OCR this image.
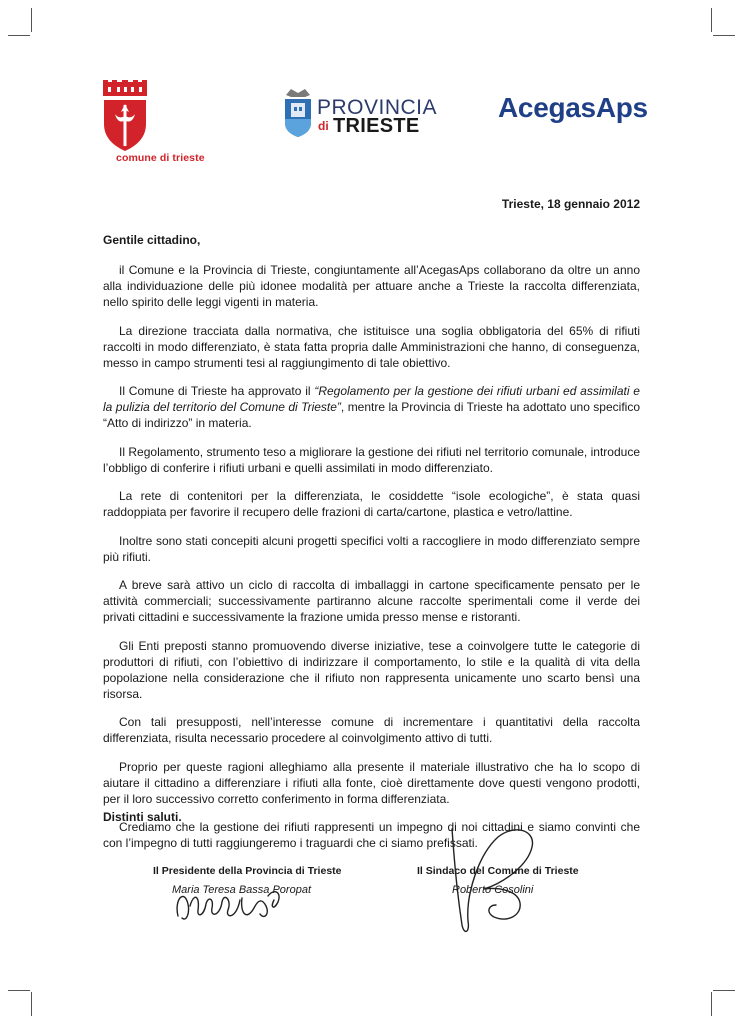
comune di trieste
PROVINCIA
di TRIESTE
AcegasAps
Trieste, 18 gennaio 2012
Gentile cittadino,

il Comune e la Provincia di Trieste, congiuntamente all’AcegasAps collaborano da oltre un anno alla individuazione delle più idonee modalità per attuare anche a Trieste la raccolta differenziata, nello spirito delle leggi vigenti in materia.

La direzione tracciata dalla normativa, che istituisce una soglia obbligatoria del 65% di rifiuti raccolti in modo differenziato, è stata fatta propria dalle Amministrazioni che hanno, di conseguenza, messo in campo strumenti tesi al raggiungimento di tale obiettivo.

Il Comune di Trieste ha approvato il “Regolamento per la gestione dei rifiuti urbani ed assimilati e la pulizia del territorio del Comune di Trieste”, mentre la Provincia di Trieste ha adottato uno specifico “Atto di indirizzo” in materia.

Il Regolamento, strumento teso a migliorare la gestione dei rifiuti nel territorio comunale, introduce l’obbligo di conferire i rifiuti urbani e quelli assimilati in modo differenziato.

La rete di contenitori per la differenziata, le cosiddette “isole ecologiche”, è stata quasi raddoppiata per favorire il recupero delle frazioni di carta/cartone, plastica e vetro/lattine.

Inoltre sono stati concepiti alcuni progetti specifici volti a raccogliere in modo differenziato sempre più rifiuti.

A breve sarà attivo un ciclo di raccolta di imballaggi in cartone specificamente pensato per le attività commerciali; successivamente partiranno alcune raccolte sperimentali come il verde dei privati cittadini e successivamente la frazione umida presso mense e ristoranti.

Gli Enti preposti stanno promuovendo diverse iniziative, tese a coinvolgere tutte le categorie di produttori di rifiuti, con l’obiettivo di indirizzare il comportamento, lo stile e la qualità di vita della popolazione nella considerazione che il rifiuto non rappresenta unicamente uno scarto bensì una risorsa.

Con tali presupposti, nell’interesse comune di incrementare i quantitativi della raccolta differenziata, risulta necessario procedere al coinvolgimento attivo di tutti.

Proprio per queste ragioni alleghiamo alla presente il materiale illustrativo che ha lo scopo di aiutare il cittadino a differenziare i rifiuti alla fonte, cioè direttamente dove questi vengono prodotti, per il loro successivo corretto conferimento in forma differenziata.

Crediamo che la gestione dei rifiuti rappresenti un impegno di noi cittadini e siamo convinti che con l’impegno di tutti raggiungeremo i traguardi che ci siamo prefissati.

Distinti saluti.
Il Presidente della Provincia di Trieste
Maria Teresa Bassa Poropat
Il Sindaco del Comune di Trieste
Roberto Cosolini
